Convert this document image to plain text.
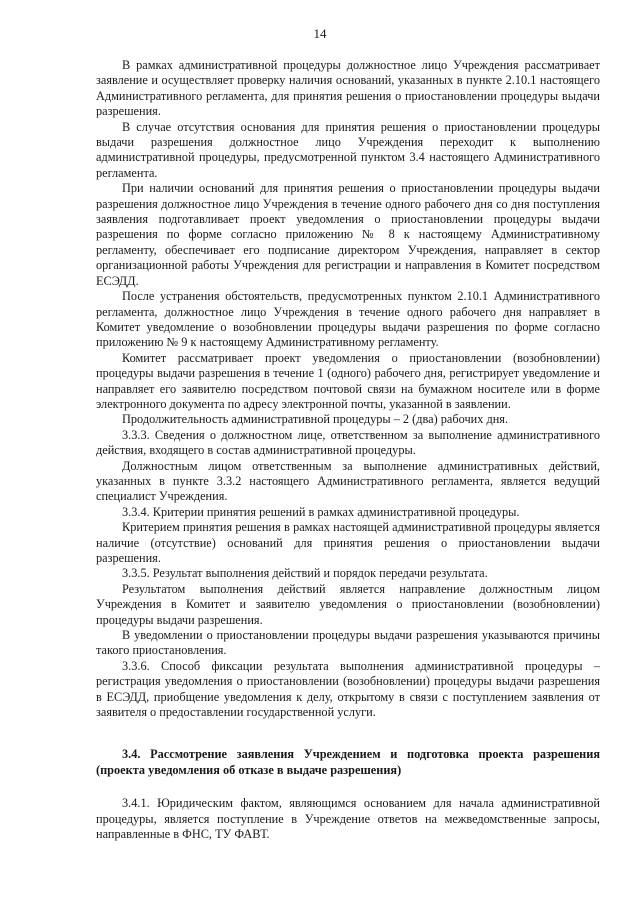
14

В рамках административной процедуры должностное лицо Учреждения рассматривает заявление и осуществляет проверку наличия оснований, указанных в пункте 2.10.1 настоящего Административного регламента, для принятия решения о приостановлении процедуры выдачи разрешения.

В случае отсутствия основания для принятия решения о приостановлении процедуры выдачи разрешения должностное лицо Учреждения переходит к выполнению административной процедуры, предусмотренной пунктом 3.4 настоящего Административного регламента.

При наличии оснований для принятия решения о приостановлении процедуры выдачи разрешения должностное лицо Учреждения в течение одного рабочего дня со дня поступления заявления подготавливает проект уведомления о приостановлении процедуры выдачи разрешения по форме согласно приложению № 8 к настоящему Административному регламенту, обеспечивает его подписание директором Учреждения, направляет в сектор организационной работы Учреждения для регистрации и направления в Комитет посредством ЕСЭДД.

После устранения обстоятельств, предусмотренных пунктом 2.10.1 Административного регламента, должностное лицо Учреждения в течение одного рабочего дня направляет в Комитет уведомление о возобновлении процедуры выдачи разрешения по форме согласно приложению № 9 к настоящему Административному регламенту.

Комитет рассматривает проект уведомления о приостановлении (возобновлении) процедуры выдачи разрешения в течение 1 (одного) рабочего дня, регистрирует уведомление и направляет его заявителю посредством почтовой связи на бумажном носителе или в форме электронного документа по адресу электронной почты, указанной в заявлении.

Продолжительность административной процедуры – 2 (два) рабочих дня.

3.3.3. Сведения о должностном лице, ответственном за выполнение административного действия, входящего в состав административной процедуры.

Должностным лицом ответственным за выполнение административных действий, указанных в пункте 3.3.2 настоящего Административного регламента, является ведущий специалист Учреждения.

3.3.4. Критерии принятия решений в рамках административной процедуры.

Критерием принятия решения в рамках настоящей административной процедуры является наличие (отсутствие) оснований для принятия решения о приостановлении выдачи разрешения.

3.3.5. Результат выполнения действий и порядок передачи результата.

Результатом выполнения действий является направление должностным лицом Учреждения в Комитет и заявителю уведомления о приостановлении (возобновлении) процедуры выдачи разрешения.

В уведомлении о приостановлении процедуры выдачи разрешения указываются причины такого приостановления.

3.3.6. Способ фиксации результата выполнения административной процедуры – регистрация уведомления о приостановлении (возобновлении) процедуры выдачи разрешения в ЕСЭДД, приобщение уведомления к делу, открытому в связи с поступлением заявления от заявителя о предоставлении государственной услуги.

3.4. Рассмотрение заявления Учреждением и подготовка проекта разрешения (проекта уведомления об отказе в выдаче разрешения)

3.4.1. Юридическим фактом, являющимся основанием для начала административной процедуры, является поступление в Учреждение ответов на межведомственные запросы, направленные в ФНС, ТУ ФАВТ.
